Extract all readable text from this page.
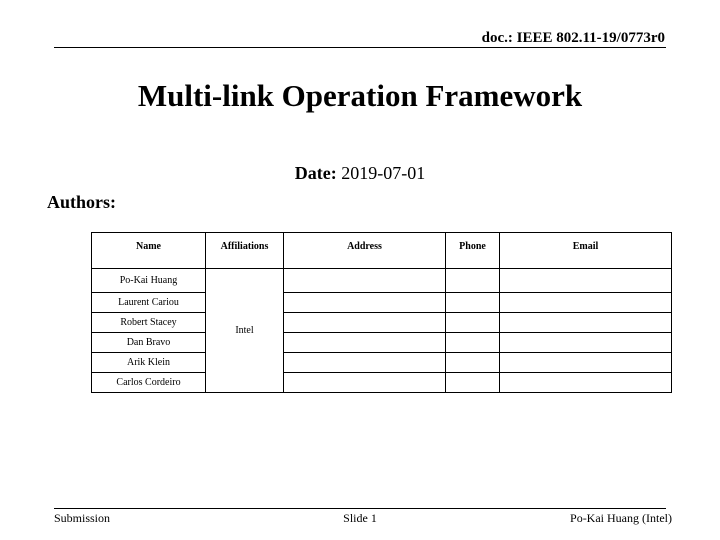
doc.: IEEE 802.11-19/0773r0
Multi-link Operation Framework
Date: 2019-07-01
Authors:
Name	Affiliations	Address	Phone	Email
Po-Kai Huang	Intel			
Laurent Cariou				
Robert Stacey				
Dan Bravo				
Arik Klein				
Carlos Cordeiro				
Submission	Slide 1	Po-Kai Huang (Intel)
